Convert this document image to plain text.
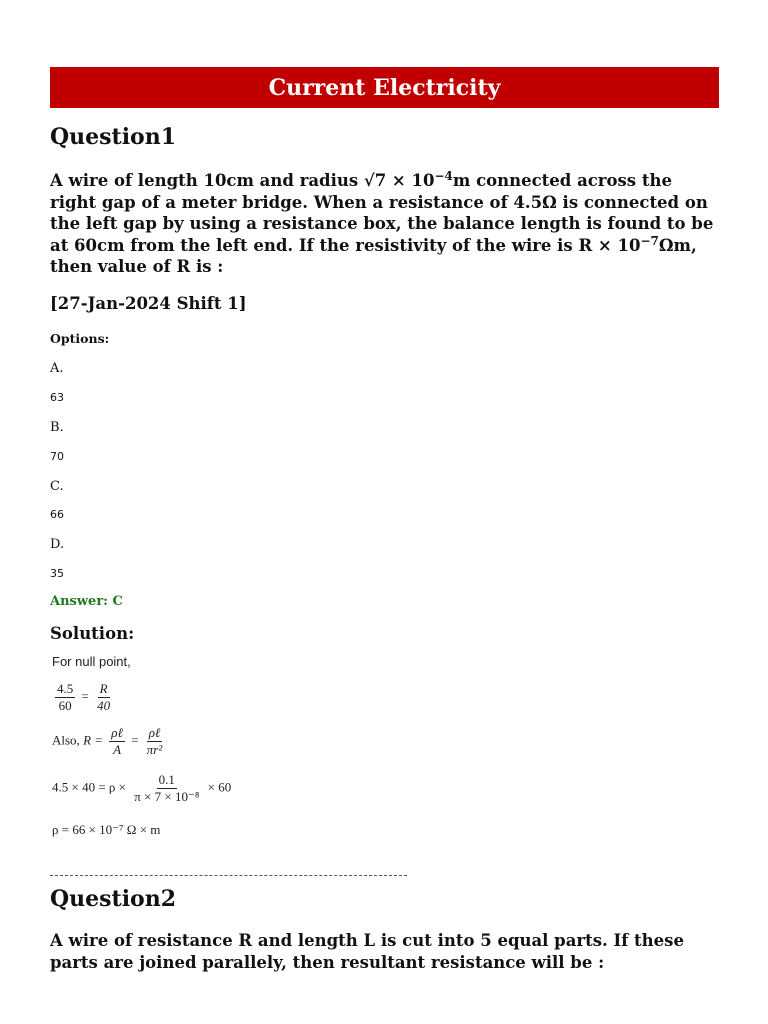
Current Electricity
Question1
A wire of length 10cm and radius $√7 \times 10^{-4}m$ connected across the
right gap of a meter bridge. When a resistance of 4.5Ω is connected on
the left gap by using a resistance box, the balance length is found to be
at 60cm from the left end. If the resistivity of the wire is $R \times 10^{-7}\Omega m$,
then value of R is :
[27-Jan-2024 Shift 1]
Options:
A.
63
B.
70
C.
66
D.
35
Answer: C
Solution:
For null point,
$\frac{4.5}{60} = \frac{R}{40}$
Also, $R = \frac{\text{ρℓ}}{A} = \frac{\text{ρℓ}}{\text{πr²}}$
$4.5 \times 40 = \rho \times \frac{0.1}{\text{π × 7 × 10⁻⁸}} \times 60$
ρ = 66 × 10⁻⁷ Ω × m
Question2
A wire of resistance R and length L is cut into 5 equal parts. If these
parts are joined parallely, then resultant resistance will be :
